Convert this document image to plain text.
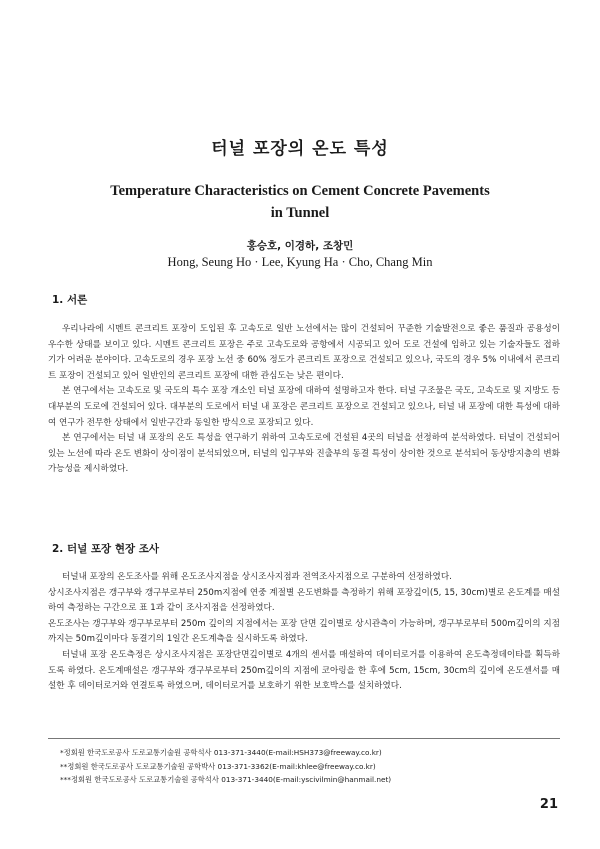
터널 포장의 온도 특성
Temperature Characteristics on Cement Concrete Pavements
in Tunnel
홍승호, 이경하, 조창민
Hong, Seung Ho · Lee, Kyung Ha · Cho, Chang Min
1. 서론

우리나라에 시멘트 콘크리트 포장이 도입된 후 고속도로 일반 노선에서는 많이 건설되어 꾸준한 기술발전으로 좋은 품질과 공용성이 우수한 상태를 보이고 있다. 시멘트 콘크리트 포장은 주로 고속도로와 공항에서 시공되고 있어 도로 건설에 임하고 있는 기술자들도 접하기가 어려운 분야이다. 고속도로의 경우 포장 노선 중 60% 정도가 콘크리트 포장으로 건설되고 있으나, 국도의 경우 5% 이내에서 콘크리트 포장이 건설되고 있어 일반인의 콘크리트 포장에 대한 관심도는 낮은 편이다.

본 연구에서는 고속도로 및 국도의 특수 포장 개소인 터널 포장에 대하여 설명하고자 한다. 터널 구조물은 국도, 고속도로 및 지방도 등 대부분의 도로에 건설되어 있다. 대부분의 도로에서 터널 내 포장은 콘크리트 포장으로 건설되고 있으나, 터널 내 포장에 대한 특성에 대하여 연구가 전무한 상태에서 일반구간과 동일한 방식으로 포장되고 있다.

본 연구에서는 터널 내 포장의 온도 특성을 연구하기 위하여 고속도로에 건설된 4곳의 터널을 선정하여 분석하였다. 터널이 건설되어 있는 노선에 따라 온도 변화이 상이점이 분석되었으며, 터널의 입구부와 진출부의 동결 특성이 상이한 것으로 분석되어 동상방지층의 변화 가능성을 제시하였다.

2. 터널 포장 현장 조사

터널내 포장의 온도조사를 위해 온도조사지점을 상시조사지점과 전역조사지점으로 구분하여 선정하였다.

상시조사지점은 갱구부와 갱구부로부터 250m지점에 연중 계절별 온도변화를 측정하기 위해 포장깊이(5, 15, 30cm)별로 온도계를 매설하여 측정하는 구간으로 표 1과 같이 조사지점을 선정하였다.

온도조사는 갱구부와 갱구부로부터 250m 깊이의 지점에서는 포장 단면 깊이별로 상시관측이 가능하며, 갱구부로부터 500m깊이의 지점까지는 50m깊이마다 동결기의 1일간 온도계측을 실시하도록 하였다.

터널내 포장 온도측정은 상시조사지점은 포장단면깊이별로 4개의 센서를 매설하여 데이터로거를 이용하여 온도측정데이타를 획득하도록 하였다. 온도계매설은 갱구부와 갱구부로부터 250m깊이의 지점에 코아링을 한 후에 5cm, 15cm, 30cm의 깊이에 온도센서를 매설한 후 데이터로거와 연결토록 하였으며, 데이터로거를 보호하기 위한 보호박스를 설치하였다.

*정회원 한국도로공사 도로교통기술원 공학석사 013-371-3440(E-mail:HSH373@freeway.co.kr)
**정회원 한국도로공사 도로교통기술원 공학박사 013-371-3362(E-mail:khlee@freeway.co.kr)
***정회원 한국도로공사 도로교통기술원 공학석사 013-371-3440(E-mail:yscivilmin@hanmail.net)
21
